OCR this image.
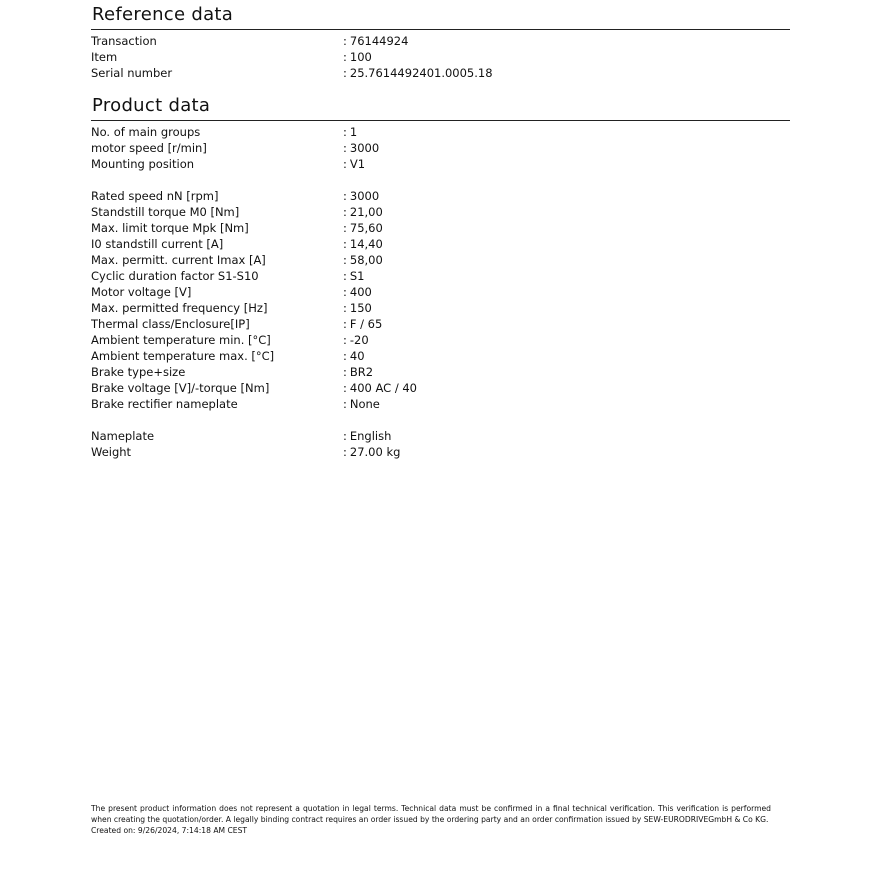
Reference data
Transaction	: 76144924
Item	: 100
Serial number	: 25.7614492401.0005.18
Product data
No. of main groups	: 1
motor speed [r/min]	: 3000
Mounting position	: V1
Rated speed nN [rpm]	: 3000
Standstill torque M0 [Nm]	: 21,00
Max. limit torque Mpk [Nm]	: 75,60
I0 standstill current [A]	: 14,40
Max. permitt. current Imax [A]	: 58,00
Cyclic duration factor S1-S10	: S1
Motor voltage [V]	: 400
Max. permitted frequency [Hz]	: 150
Thermal class/Enclosure[IP]	: F / 65
Ambient temperature min. [°C]	: -20
Ambient temperature max. [°C]	: 40
Brake type+size	: BR2
Brake voltage [V]/-torque [Nm]	: 400 AC / 40
Brake rectifier nameplate	: None
Nameplate	: English
Weight	: 27.00 kg

The present product information does not represent a quotation in legal terms. Technical data must be confirmed in a final technical verification. This verification is performed when creating the quotation/order. A legally binding contract requires an order issued by the ordering party and an order confirmation issued by SEW-EURODRIVEGmbH & Co KG.

Created on: 9/26/2024, 7:14:18 AM CEST
